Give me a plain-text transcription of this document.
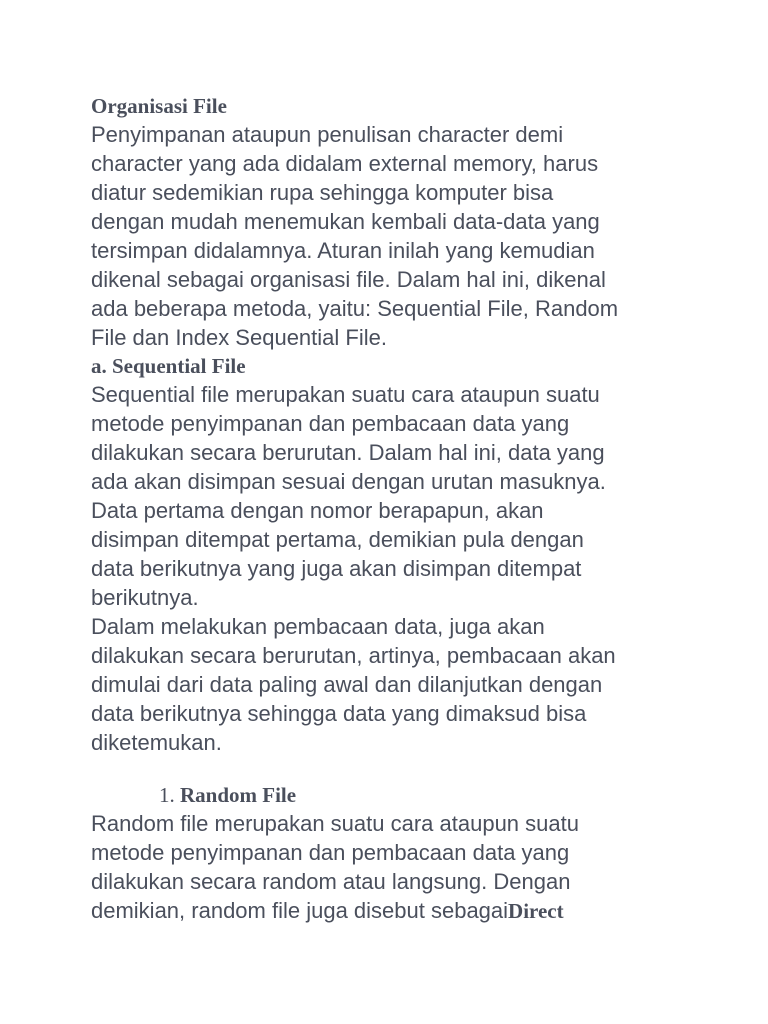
Organisasi File

Penyimpanan ataupun penulisan character demi
character yang ada didalam external memory, harus
diatur sedemikian rupa sehingga komputer bisa
dengan mudah menemukan kembali data-data yang
tersimpan didalamnya. Aturan inilah yang kemudian
dikenal sebagai organisasi file. Dalam hal ini, dikenal
ada beberapa metoda, yaitu: Sequential File, Random
File dan Index Sequential File.

a. Sequential File

Sequential file merupakan suatu cara ataupun suatu
metode penyimpanan dan pembacaan data yang
dilakukan secara berurutan. Dalam hal ini, data yang
ada akan disimpan sesuai dengan urutan masuknya.
Data pertama dengan nomor berapapun, akan
disimpan ditempat pertama, demikian pula dengan
data berikutnya yang juga akan disimpan ditempat
berikutnya.
Dalam melakukan pembacaan data, juga akan
dilakukan secara berurutan, artinya, pembacaan akan
dimulai dari data paling awal dan dilanjutkan dengan
data berikutnya sehingga data yang dimaksud bisa
diketemukan.

1. Random File

Random file merupakan suatu cara ataupun suatu
metode penyimpanan dan pembacaan data yang
dilakukan secara random atau langsung. Dengan
demikian, random file juga disebut sebagaiDirect
